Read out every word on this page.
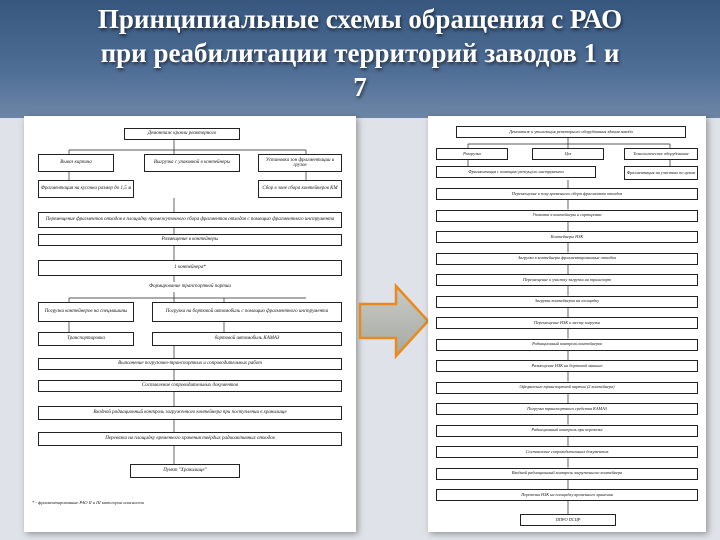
Принципиальные схемы обращения с РАО
при реабилитации территорий заводов 1 и
7
Демонтаж кровли реакторного
Вывоз кирпича	Выгрузка с упаковкой в контейнеры
Установка зон фрагментации и грузов
Фрагментация на кусочки размер до 1,5 м	Сбор в зоне сбора контейнеров КМ
Перемещение фрагментов отходов в площадку промежуточного сбора фрагментов отходов с помощью фрагментного инструмента
Размещение в контейнеры
1 контейнера*
Формирование транспортной партии
Погрузка контейнеров на спецмашины	Погрузка на бортовой автомобиль с помощью фрагментного инструмента
Транспортировка	бортовой автомобиль КАМАЗ
Выполнение погрузочно-транспортных и сопроводительных работ
Составление сопроводительных документов
Входной радиационный контроль загруженного контейнера при поступлении в хранилище
Перевозка на площадку временного хранения твёрдых радиоактивных отходов
Пункт "Хранилище"
* - фрагментированные РАО II и III категории опасности
Демонтаж и утилизация реакторного оборудования здания завода
Разгрузка	Цех	Технологическое оборудование
Фрагментация с помощью режущего инструмента	Фрагментация на участках по цехам
Перемещение в зону временного сбора фрагментов отходов
Упаковка в контейнеры и сортировка
Контейнеры НЗК
Загрузка в контейнеры фрагментированных отходов
Перемещение к участку загрузки на транспорт
Загрузка контейнеров на площадку
Перемещение НЗК к месту загрузки
Радиационный контроль контейнеров
Размещение НЗК на бортовой машине
Оформление транспортной партии (2 контейнера)
Погрузка транспортного средства КАМАЗ
Радиационный контроль при перевозке
Составление сопроводительных документов
Входной радиационный контроль загруженного контейнера
Перевозка НЗК на площадку временного хранения
ППРО ПСЦР
